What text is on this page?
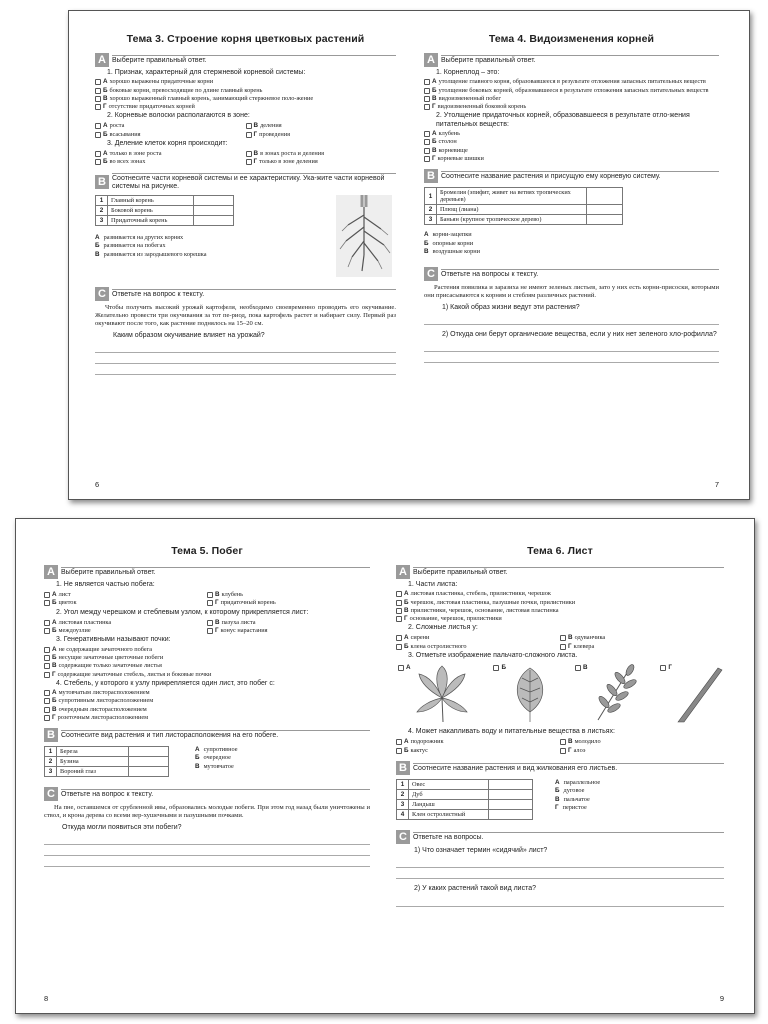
Тема 3. Строение корня цветковых растений
A Выберите правильный ответ.
1. Признак, характерный для стержневой корневой системы:
А хорошо выражены придаточные корни
Б боковые корни, превосходящие по длине главный корень
В хорошо выраженный главный корень, занимающий стержневое поло-жение
Г отсутствие придаточных корней
2. Корневые волоски располагаются в зоне:
А роста
Б всасывания
В деления
Г проведения
3. Деление клеток корня происходит:
А только в зоне роста
Б во всех зонах
В в зонах роста и деления
Г только в зоне деления
B Соотнесите части корневой системы и ее характеристику. Ука-жите части корневой системы на рисунке.
1	Главный корень	
2	Боковой корень	
3	Придаточный корень	
А развивается на других корнях
Б развивается на побегах
В развивается из зародышевого корешка
C Ответьте на вопрос к тексту.
Чтобы получить высокий урожай картофеля, необходимо своевременно проводить его окучивание. Желательно провести три окучивания за тот пе-риод, пока картофель растет и набирает силу. Первый раз окучивают после того, как растение поднялось на 15–20 см.
Каким образом окучивание влияет на урожай?
6
Тема 4. Видоизменения корней
A Выберите правильный ответ.
1. Корнеплод – это:
А утолщение главного корня, образовавшееся в результате отложения запасных питательных веществ
Б утолщение боковых корней, образовавшееся в результате отложения запасных питательных веществ
В видоизмененный побег
Г видоизмененный боковой корень
2. Утолщение придаточных корней, образовавшееся в результате отло-жения питательных веществ:
А клубень
Б столон
В корневище
Г корневые шишки
B Соотнесите название растения и присущую ему корневую систему.
1	Бромелия (эпифит, живет на ветвях тропических деревьев)	
2	Плющ (лиана)	
3	Баньян (крупное тропическое дерево)	
А корни-зацепки
Б опорные корни
В воздушные корни
C Ответьте на вопросы к тексту.
Растения повилика и заразиха не имеют зеленых листьев, зато у них есть корни-присоски, которыми они присасываются к корням и стеблям различных растений.
1) Какой образ жизни ведут эти растения?
2) Откуда они берут органические вещества, если у них нет зеленого хло-рофилла?
7
Тема 5. Побег
A Выберите правильный ответ.
1. Не является частью побега:
А лист
Б цветок
В клубень
Г придаточный корень
2. Угол между черешком и стеблевым узлом, к которому прикрепляется лист:
А листовая пластинка
Б междоузлие
В пазуха листа
Г конус нарастания
3. Генеративными называют почки:
А не содержащие зачаточного побега
Б несущие зачаточные цветочные побеги
В содержащие только зачаточные листья
Г содержащие зачаточные стебель, листья и боковые почки
4. Стебель, у которого к узлу прикрепляется один лист, это побег с:
А мутовчатым листорасположением
Б супротивным листорасположением
В очередным листорасположением
Г розеточным листорасположением
B Соотнесите вид растения и тип листорасположения на его побеге.
1	Береза	
2	Бузина	
3	Вороний глаз	
А супротивное
Б очередное
В мутовчатое
C Ответьте на вопрос к тексту.
На пне, оставшемся от срубленной ивы, образовались молодые побеги. При этом год назад были уничтожены и ствол, и крона дерева со всеми вер-хушечными и пазушными почками.
Откуда могли появиться эти побеги?
8
Тема 6. Лист
A Выберите правильный ответ.
1. Части листа:
А листовая пластинка, стебель, прилистники, черешок
Б черешок, листовая пластинка, пазушные почки, прилистники
В прилистники, черешок, основание, листовая пластинка
Г основание, черешок, прилистники
2. Сложные листья у:
А сирени
Б клена остролистного
В одуванчика
Г клевера
3. Отметьте изображение пальчато-сложного листа.
А	Б	В	Г
4. Может накапливать воду и питательные вещества в листьях:
А подорожник
Б кактус
В молодило
Г алоэ
B Соотнесите название растения и вид жилкования его листьев.
1	Овес	
2	Дуб	
3	Ландыш	
4	Клен остролистный	
А параллельное
Б дуговое
В пальчатое
Г перистое
C Ответьте на вопросы.
1) Что означает термин «сидячий» лист?
2) У каких растений такой вид листа?
9
